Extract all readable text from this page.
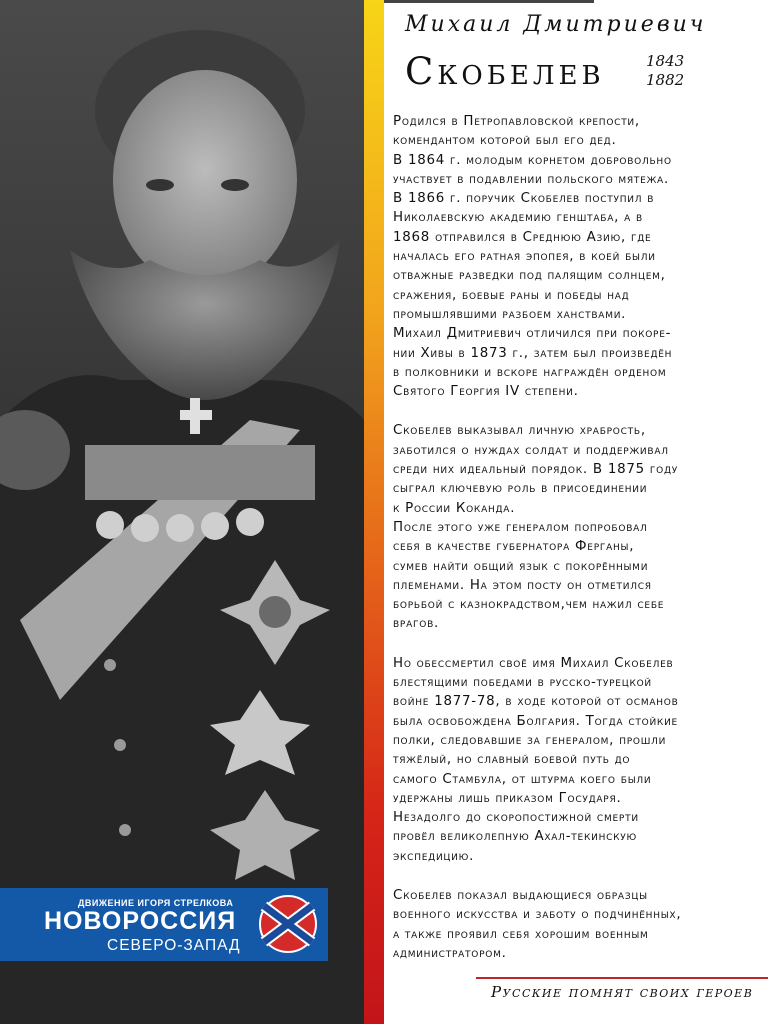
Михаил Дмитриевич
Скобелев	1843
1882

Родился в Петропавловской крепости,
комендантом которой был его дед.
В 1864 г. молодым корнетом добровольно
участвует в подавлении польского мятежа.
В 1866 г. поручик Скобелев поступил в
Николаевскую академию генштаба, а в
1868 отправился в Среднюю Азию, где
началась его ратная эпопея, в коей были
отважные разведки под палящим солнцем,
сражения, боевые раны и победы над
промышлявшими разбоем ханствами.
Михаил Дмитриевич отличился при покоре-
нии Хивы в 1873 г., затем был произведён
в полковники и вскоре награждён орденом
Святого Георгия IV степени.

Скобелев выказывал личную храбрость,
заботился о нуждах солдат и поддерживал
среди них идеальный порядок. В 1875 году
сыграл ключевую роль в присоединении
к России Коканда.
После этого уже генералом попробовал
себя в качестве губернатора Ферганы,
сумев найти общий язык с покорёнными
племенами. На этом посту он отметился
борьбой с казнокрадством,чем нажил себе
врагов.

Но обессмертил своё имя Михаил Скобелев
блестящими победами в русско-турецкой
войне 1877-78, в ходе которой от османов
была освобождена Болгария. Тогда стойкие
полки, следовавшие за генералом, прошли
тяжёлый, но славный боевой путь до
самого Стамбула, от штурма коего были
удержаны лишь приказом Государя.
Незадолго до скоропостижной смерти
провёл великолепную Ахал-текинскую
экспедицию.

Скобелев показал выдающиеся образцы
военного искусства и заботу о подчинённых,
а также проявил себя хорошим военным
администратором.

Русские помнят своих героев
ДВИЖЕНИЕ ИГОРЯ СТРЕЛКОВА
НОВОРОССИЯ
СЕВЕРО-ЗАПАД
